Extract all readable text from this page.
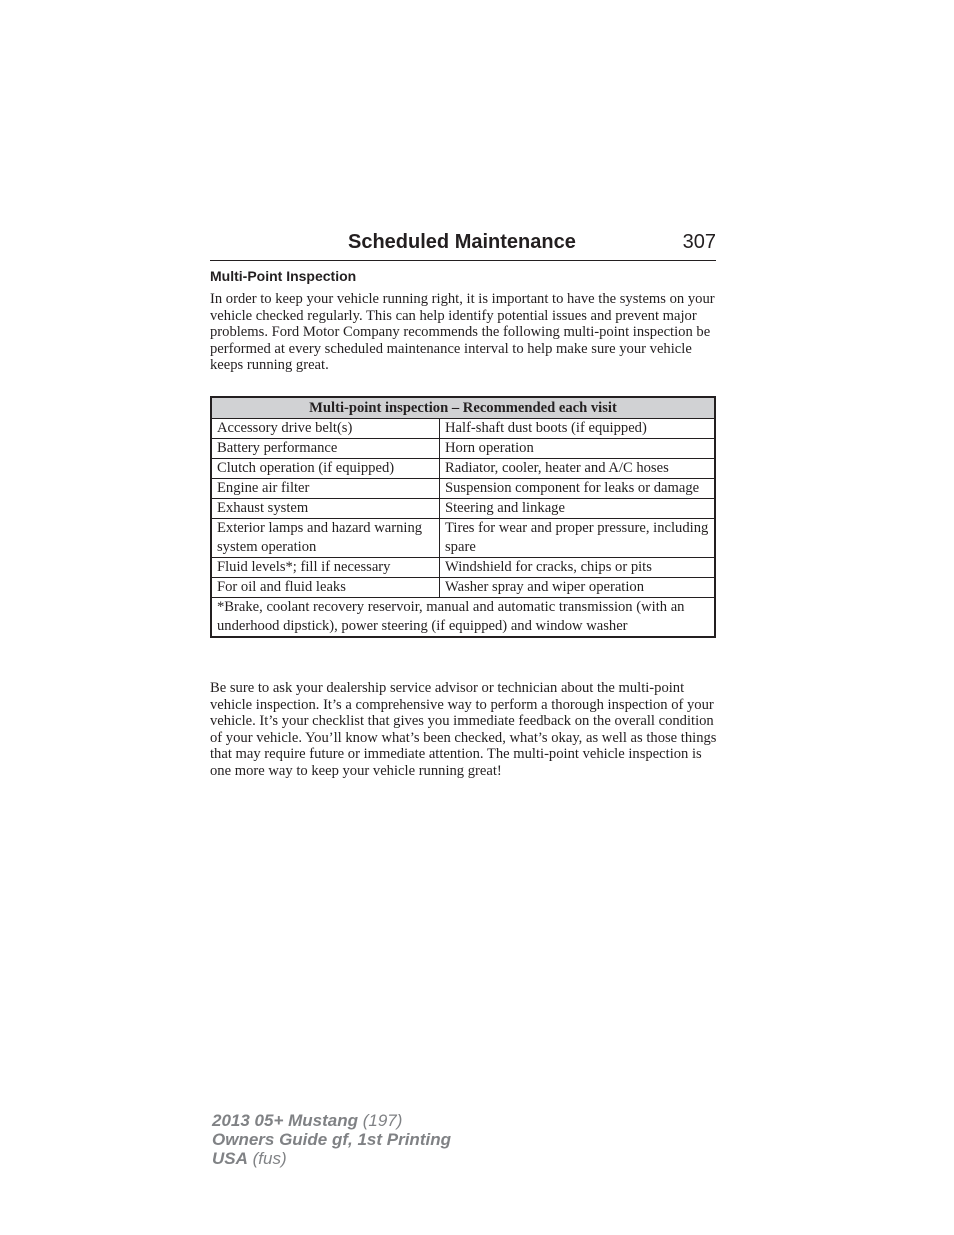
Scheduled Maintenance	307
Multi-Point Inspection

In order to keep your vehicle running right, it is important to have the systems on your vehicle checked regularly. This can help identify potential issues and prevent major problems. Ford Motor Company recommends the following multi-point inspection be performed at every scheduled maintenance interval to help make sure your vehicle keeps running great.

Multi-point inspection – Recommended each visit	
Accessory drive belt(s)	Half-shaft dust boots (if equipped)
Battery performance	Horn operation
Clutch operation (if equipped)	Radiator, cooler, heater and A/C hoses
Engine air filter	Suspension component for leaks or damage
Exhaust system	Steering and linkage
Exterior lamps and hazard warning system operation	Tires for wear and proper pressure, including spare
Fluid levels*; fill if necessary	Windshield for cracks, chips or pits
For oil and fluid leaks	Washer spray and wiper operation
*Brake, coolant recovery reservoir, manual and automatic transmission (with an underhood dipstick), power steering (if equipped) and window washer	

Be sure to ask your dealership service advisor or technician about the multi-point vehicle inspection. It’s a comprehensive way to perform a thorough inspection of your vehicle. It’s your checklist that gives you immediate feedback on the overall condition of your vehicle. You’ll know what’s been checked, what’s okay, as well as those things that may require future or immediate attention. The multi-point vehicle inspection is one more way to keep your vehicle running great!

2013 05+ Mustang (197)
Owners Guide gf, 1st Printing
USA (fus)
